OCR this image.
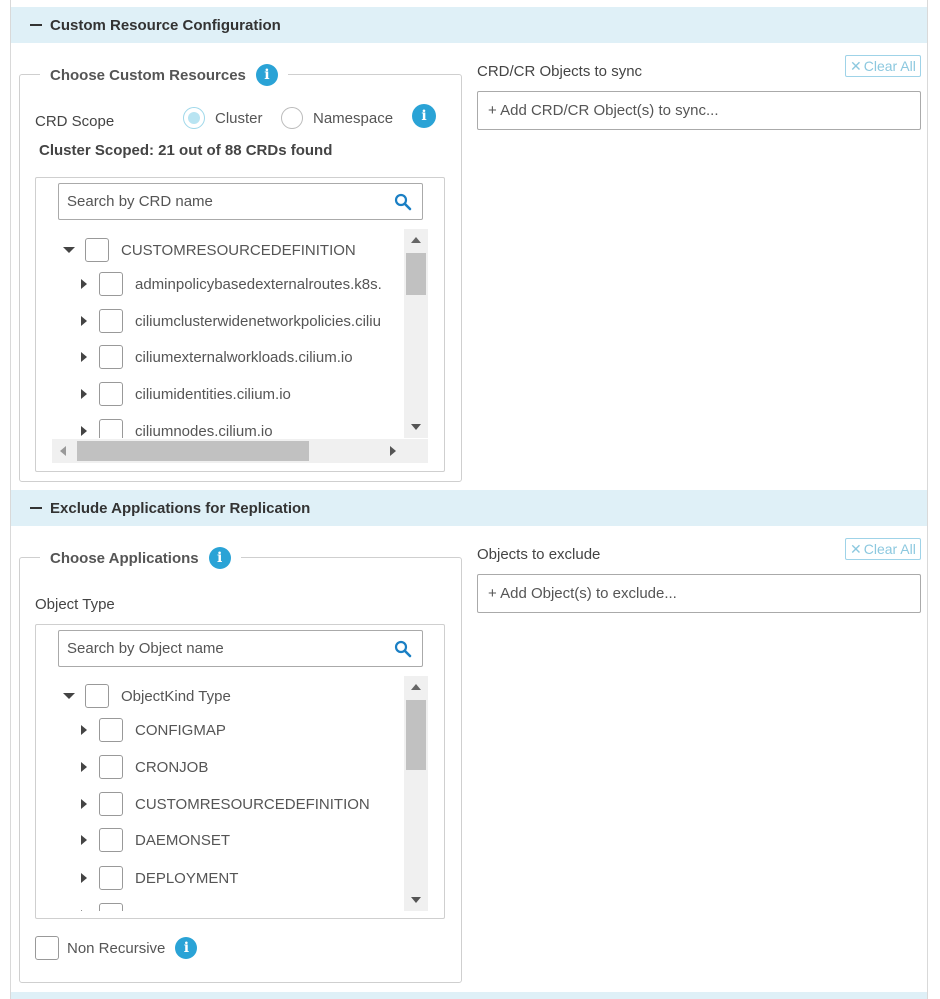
Custom Resource Configuration
Choose Custom Resources	i
CRD Scope	Cluster	Namespace	i
Cluster Scoped: 21 out of 88 CRDs found
Search by CRD name
CUSTOMRESOURCEDEFINITION
adminpolicybasedexternalroutes.k8s.
ciliumclusterwidenetworkpolicies.ciliu
ciliumexternalworkloads.cilium.io
ciliumidentities.cilium.io
ciliumnodes.cilium.io
CRD/CR Objects to sync	✕ Clear All
+ Add CRD/CR Object(s) to sync...
Exclude Applications for Replication
Choose Applications	i
Object Type
Search by Object name
ObjectKind Type
CONFIGMAP
CRONJOB
CUSTOMRESOURCEDEFINITION
DAEMONSET
DEPLOYMENT
Non Recursive	i
Objects to exclude	✕ Clear All
+ Add Object(s) to exclude...
